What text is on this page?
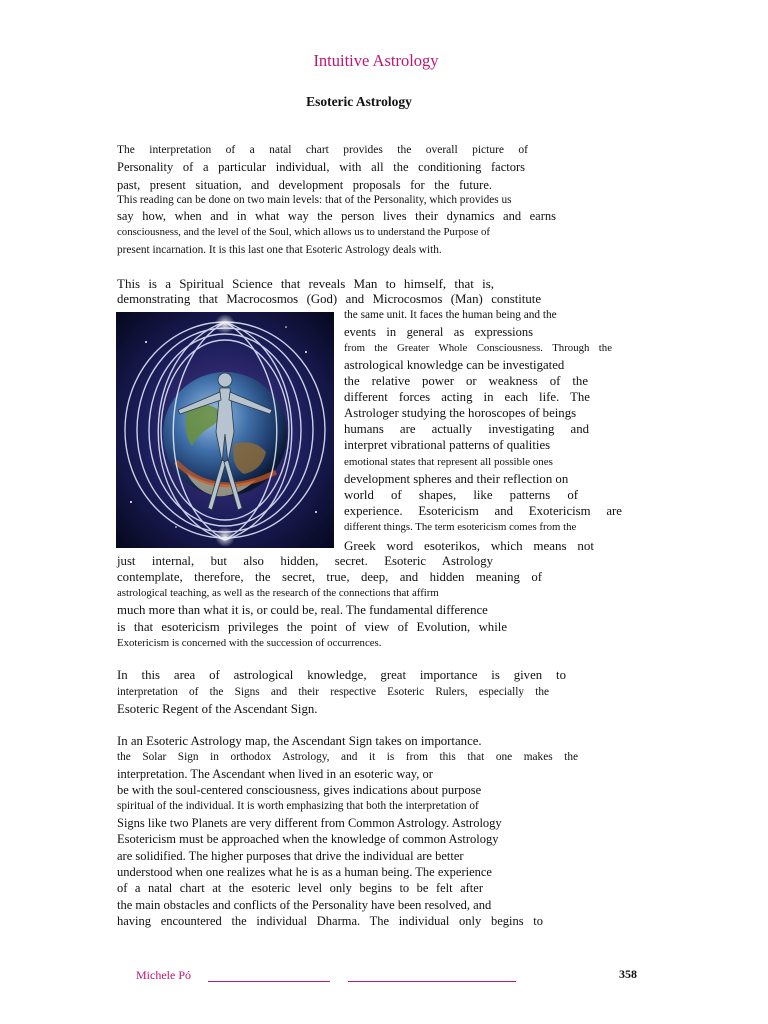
Intuitive Astrology
Esoteric Astrology
The interpretation of a natal chart provides the overall picture of
Personality of a particular individual, with all the conditioning factors
past, present situation, and development proposals for the future.
This reading can be done on two main levels: that of the Personality, which provides us
say how, when and in what way the person lives their dynamics and earns
consciousness, and the level of the Soul, which allows us to understand the Purpose of
present incarnation. It is this last one that Esoteric Astrology deals with.
This is a Spiritual Science that reveals Man to himself, that is,
demonstrating that Macrocosmos (God) and Microcosmos (Man) constitute
the same unit. It faces the human being and the
events in general as expressions
from the Greater Whole Consciousness. Through the
astrological knowledge can be investigated
the relative power or weakness of the
different forces acting in each life. The
Astrologer studying the horoscopes of beings
humans are actually investigating and
interpret vibrational patterns of qualities
emotional states that represent all possible ones
development spheres and their reflection on
world of shapes, like patterns of
experience. Esotericism and Exotericism are
different things. The term esotericism comes from the
Greek word esoterikos, which means not
just internal, but also hidden, secret. Esoteric Astrology
contemplate, therefore, the secret, true, deep, and hidden meaning of
astrological teaching, as well as the research of the connections that affirm
much more than what it is, or could be, real. The fundamental difference
is that esotericism privileges the point of view of Evolution, while
Exotericism is concerned with the succession of occurrences.
In this area of astrological knowledge, great importance is given to
interpretation of the Signs and their respective Esoteric Rulers, especially the
Esoteric Regent of the Ascendant Sign.
In an Esoteric Astrology map, the Ascendant Sign takes on importance.
the Solar Sign in orthodox Astrology, and it is from this that one makes the
interpretation. The Ascendant when lived in an esoteric way, or
be with the soul-centered consciousness, gives indications about purpose
spiritual of the individual. It is worth emphasizing that both the interpretation of
Signs like two Planets are very different from Common Astrology. Astrology
Esotericism must be approached when the knowledge of common Astrology
are solidified. The higher purposes that drive the individual are better
understood when one realizes what he is as a human being. The experience
of a natal chart at the esoteric level only begins to be felt after
the main obstacles and conflicts of the Personality have been resolved, and
having encountered the individual Dharma. The individual only begins to
Michele Pó	358
